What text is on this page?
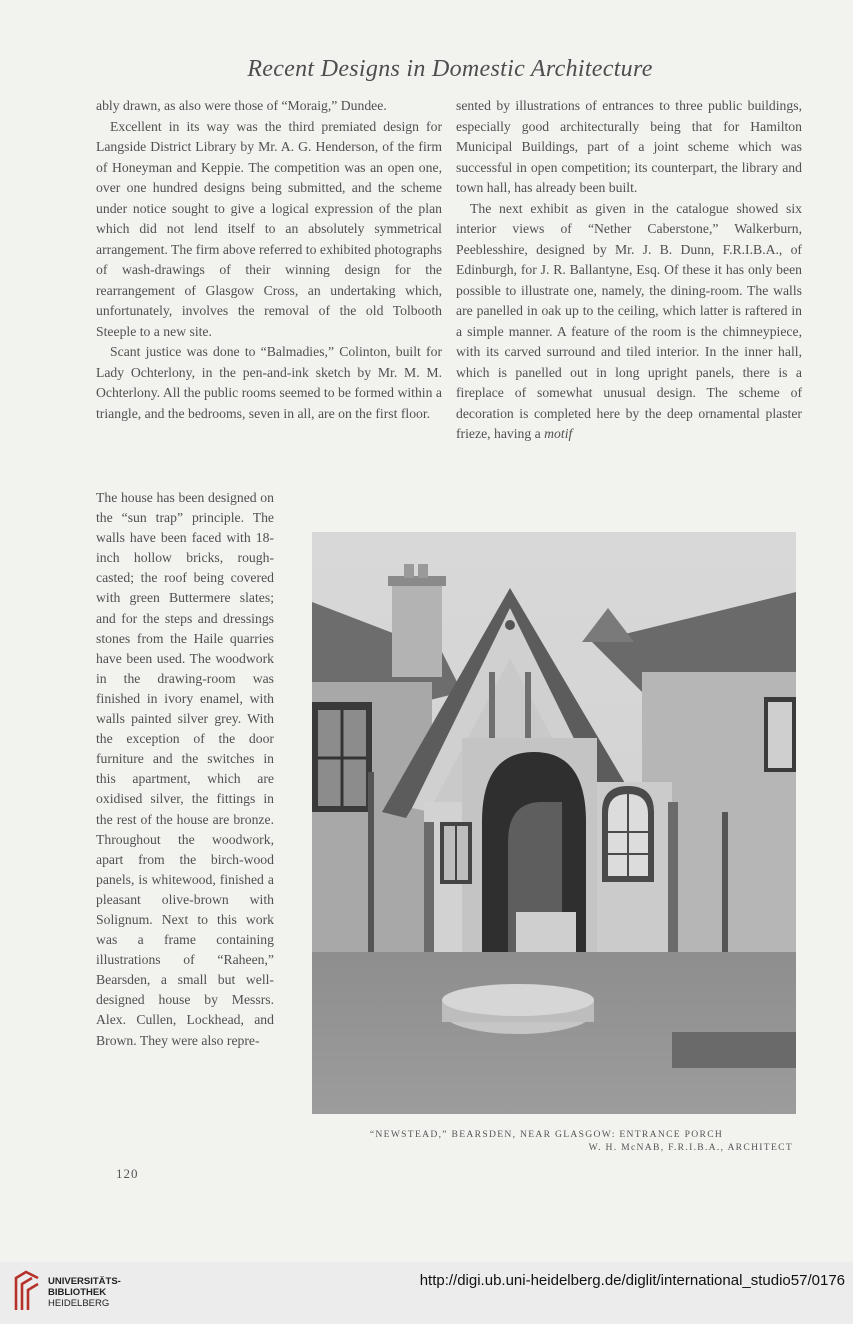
Recent Designs in Domestic Architecture

ably drawn, as also were those of “Moraig,” Dundee.

Excellent in its way was the third premiated design for Langside District Library by Mr. A. G. Henderson, of the firm of Honeyman and Keppie. The competition was an open one, over one hundred designs being submitted, and the scheme under notice sought to give a logical expression of the plan which did not lend itself to an absolutely symmetrical arrangement. The firm above referred to exhibited photographs of wash-drawings of their winning design for the rearrangement of Glasgow Cross, an undertaking which, unfortunately, involves the removal of the old Tolbooth Steeple to a new site.

Scant justice was done to “Balmadies,” Colinton, built for Lady Ochterlony, in the pen-and-ink sketch by Mr. M. M. Ochterlony. All the public rooms seemed to be formed within a triangle, and the bedrooms, seven in all, are on the first floor.

The house has been designed on the “sun trap” principle. The walls have been faced with 18-inch hollow bricks, rough-casted; the roof being covered with green Buttermere slates; and for the steps and dressings stones from the Haile quarries have been used. The woodwork in the drawing-room was finished in ivory enamel, with walls painted silver grey. With the exception of the door furniture and the switches in this apartment, which are oxidised silver, the fittings in the rest of the house are bronze. Throughout the woodwork, apart from the birch-wood panels, is whitewood, finished a pleasant olive-brown with Solignum. Next to this work was a frame containing illustrations of “Raheen,” Bearsden, a small but well-designed house by Messrs. Alex. Cullen, Lockhead, and Brown. They were also repre-

sented by illustrations of entrances to three public buildings, especially good architecturally being that for Hamilton Municipal Buildings, part of a joint scheme which was successful in open competition; its counterpart, the library and town hall, has already been built.

The next exhibit as given in the catalogue showed six interior views of “Nether Caberstone,” Walkerburn, Peeblesshire, designed by Mr. J. B. Dunn, F.R.I.B.A., of Edinburgh, for J. R. Ballantyne, Esq. Of these it has only been possible to illustrate one, namely, the dining-room. The walls are panelled in oak up to the ceiling, which latter is raftered in a simple manner. A feature of the room is the chimneypiece, with its carved surround and tiled interior. In the inner hall, which is panelled out in long upright panels, there is a fireplace of somewhat unusual design. The scheme of decoration is completed here by the deep ornamental plaster frieze, having a motif

“NEWSTEAD,” BEARSDEN, NEAR GLASGOW: ENTRANCE PORCH
W. H. McNAB, F.R.I.B.A., ARCHITECT
120
UNIVERSITÄTS-
BIBLIOTHEK
HEIDELBERG
http://digi.ub.uni-heidelberg.de/diglit/international_studio57/0176
